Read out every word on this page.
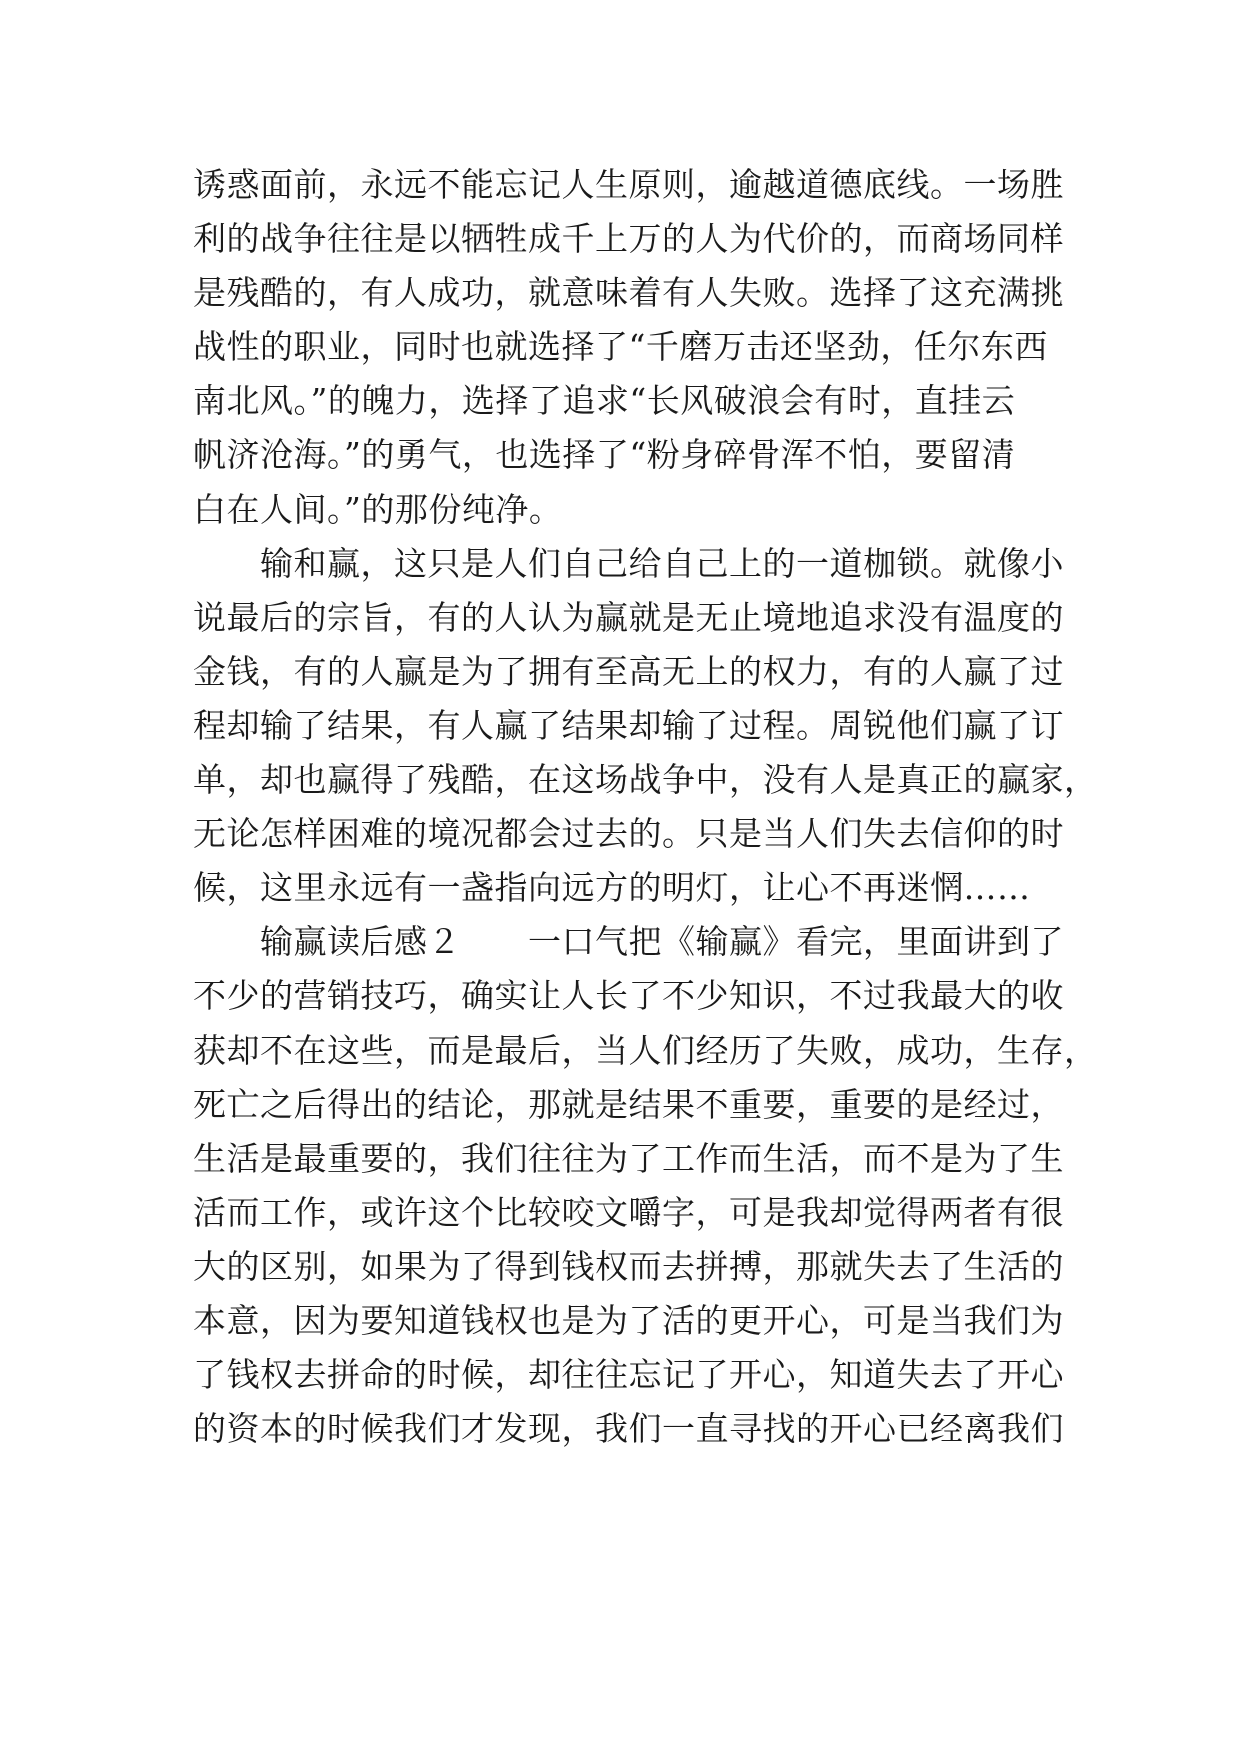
诱惑面前，永远不能忘记人生原则，逾越道德底线。一场胜
利的战争往往是以牺牲成千上万的人为代价的，而商场同样
是残酷的，有人成功，就意味着有人失败。选择了这充满挑
战性的职业，同时也就选择了“千磨万击还坚劲，任尔东西
南北风。”的魄力，选择了追求“长风破浪会有时，直挂云
帆济沧海。”的勇气，也选择了“粉身碎骨浑不怕，要留清
白在人间。”的那份纯净。
　　输和赢，这只是人们自己给自己上的一道枷锁。就像小
说最后的宗旨，有的人认为赢就是无止境地追求没有温度的
金钱，有的人赢是为了拥有至高无上的权力，有的人赢了过
程却输了结果，有人赢了结果却输了过程。周锐他们赢了订
单，却也赢得了残酷，在这场战争中，没有人是真正的赢家，
无论怎样困难的境况都会过去的。只是当人们失去信仰的时
候，这里永远有一盏指向远方的明灯，让心不再迷惘……
　　输赢读后感２　　一口气把《输赢》看完，里面讲到了
不少的营销技巧，确实让人长了不少知识，不过我最大的收
获却不在这些，而是最后，当人们经历了失败，成功，生存，
死亡之后得出的结论，那就是结果不重要，重要的是经过，
生活是最重要的，我们往往为了工作而生活，而不是为了生
活而工作，或许这个比较咬文嚼字，可是我却觉得两者有很
大的区别，如果为了得到钱权而去拼搏，那就失去了生活的
本意，因为要知道钱权也是为了活的更开心，可是当我们为
了钱权去拼命的时候，却往往忘记了开心，知道失去了开心
的资本的时候我们才发现，我们一直寻找的开心已经离我们
